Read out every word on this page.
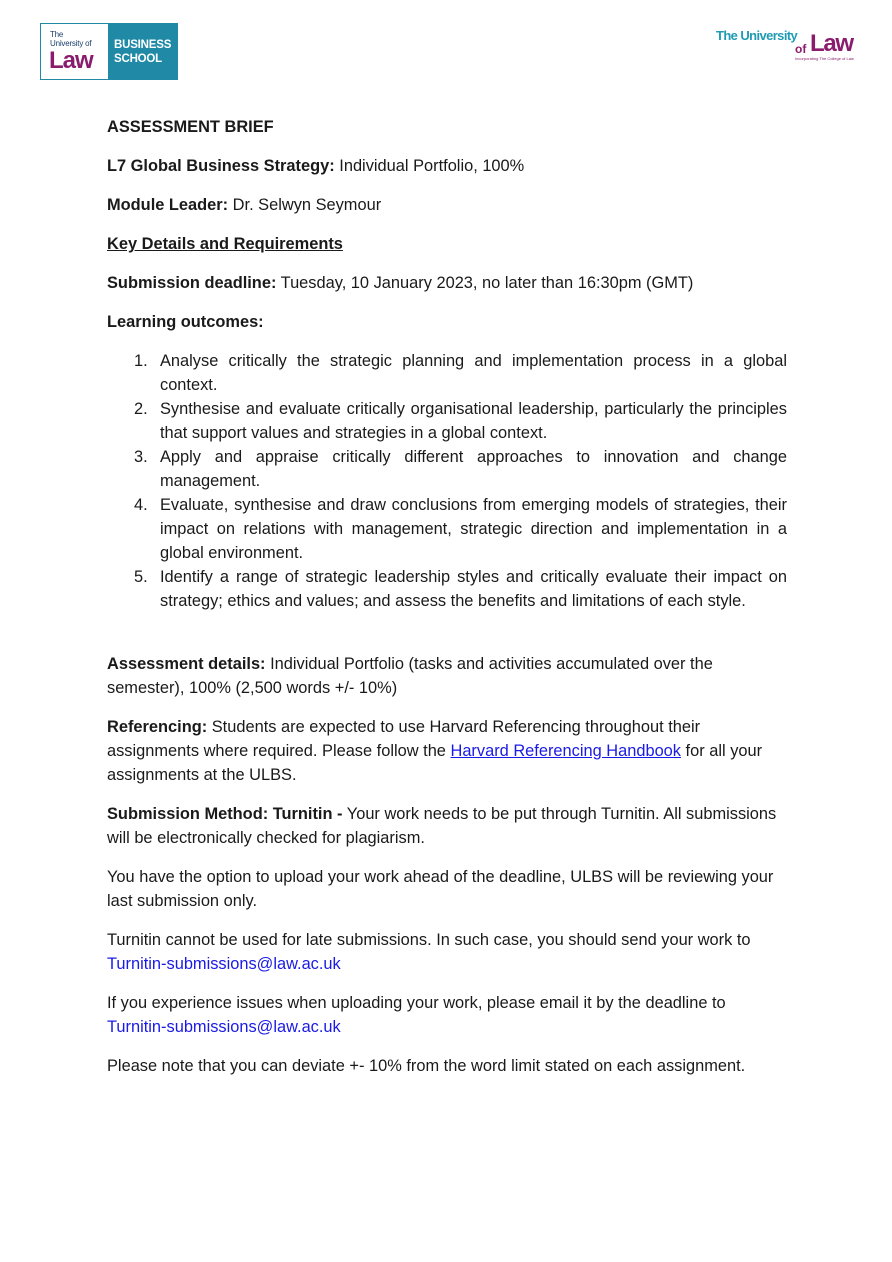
The
University of
Law
BUSINESS
SCHOOL
The University
of Law
Incorporating The College of Law

ASSESSMENT BRIEF

L7 Global Business Strategy: Individual Portfolio, 100%

Module Leader: Dr. Selwyn Seymour

Key Details and Requirements

Submission deadline: Tuesday, 10 January 2023, no later than 16:30pm (GMT)

Learning outcomes:

1. Analyse critically the strategic planning and implementation process in a global context.
2. Synthesise and evaluate critically organisational leadership, particularly the principles that support values and strategies in a global context.
3. Apply and appraise critically different approaches to innovation and change management.
4. Evaluate, synthesise and draw conclusions from emerging models of strategies, their impact on relations with management, strategic direction and implementation in a global environment.
5. Identify a range of strategic leadership styles and critically evaluate their impact on strategy; ethics and values; and assess the benefits and limitations of each style.

Assessment details: Individual Portfolio (tasks and activities accumulated over the semester), 100% (2,500 words +/- 10%)

Referencing: Students are expected to use Harvard Referencing throughout their assignments where required. Please follow the Harvard Referencing Handbook for all your assignments at the ULBS.

Submission Method: Turnitin - Your work needs to be put through Turnitin. All submissions will be electronically checked for plagiarism.

You have the option to upload your work ahead of the deadline, ULBS will be reviewing your last submission only.

Turnitin cannot be used for late submissions. In such case, you should send your work to Turnitin-submissions@law.ac.uk

If you experience issues when uploading your work, please email it by the deadline to Turnitin-submissions@law.ac.uk

Please note that you can deviate +- 10% from the word limit stated on each assignment.
